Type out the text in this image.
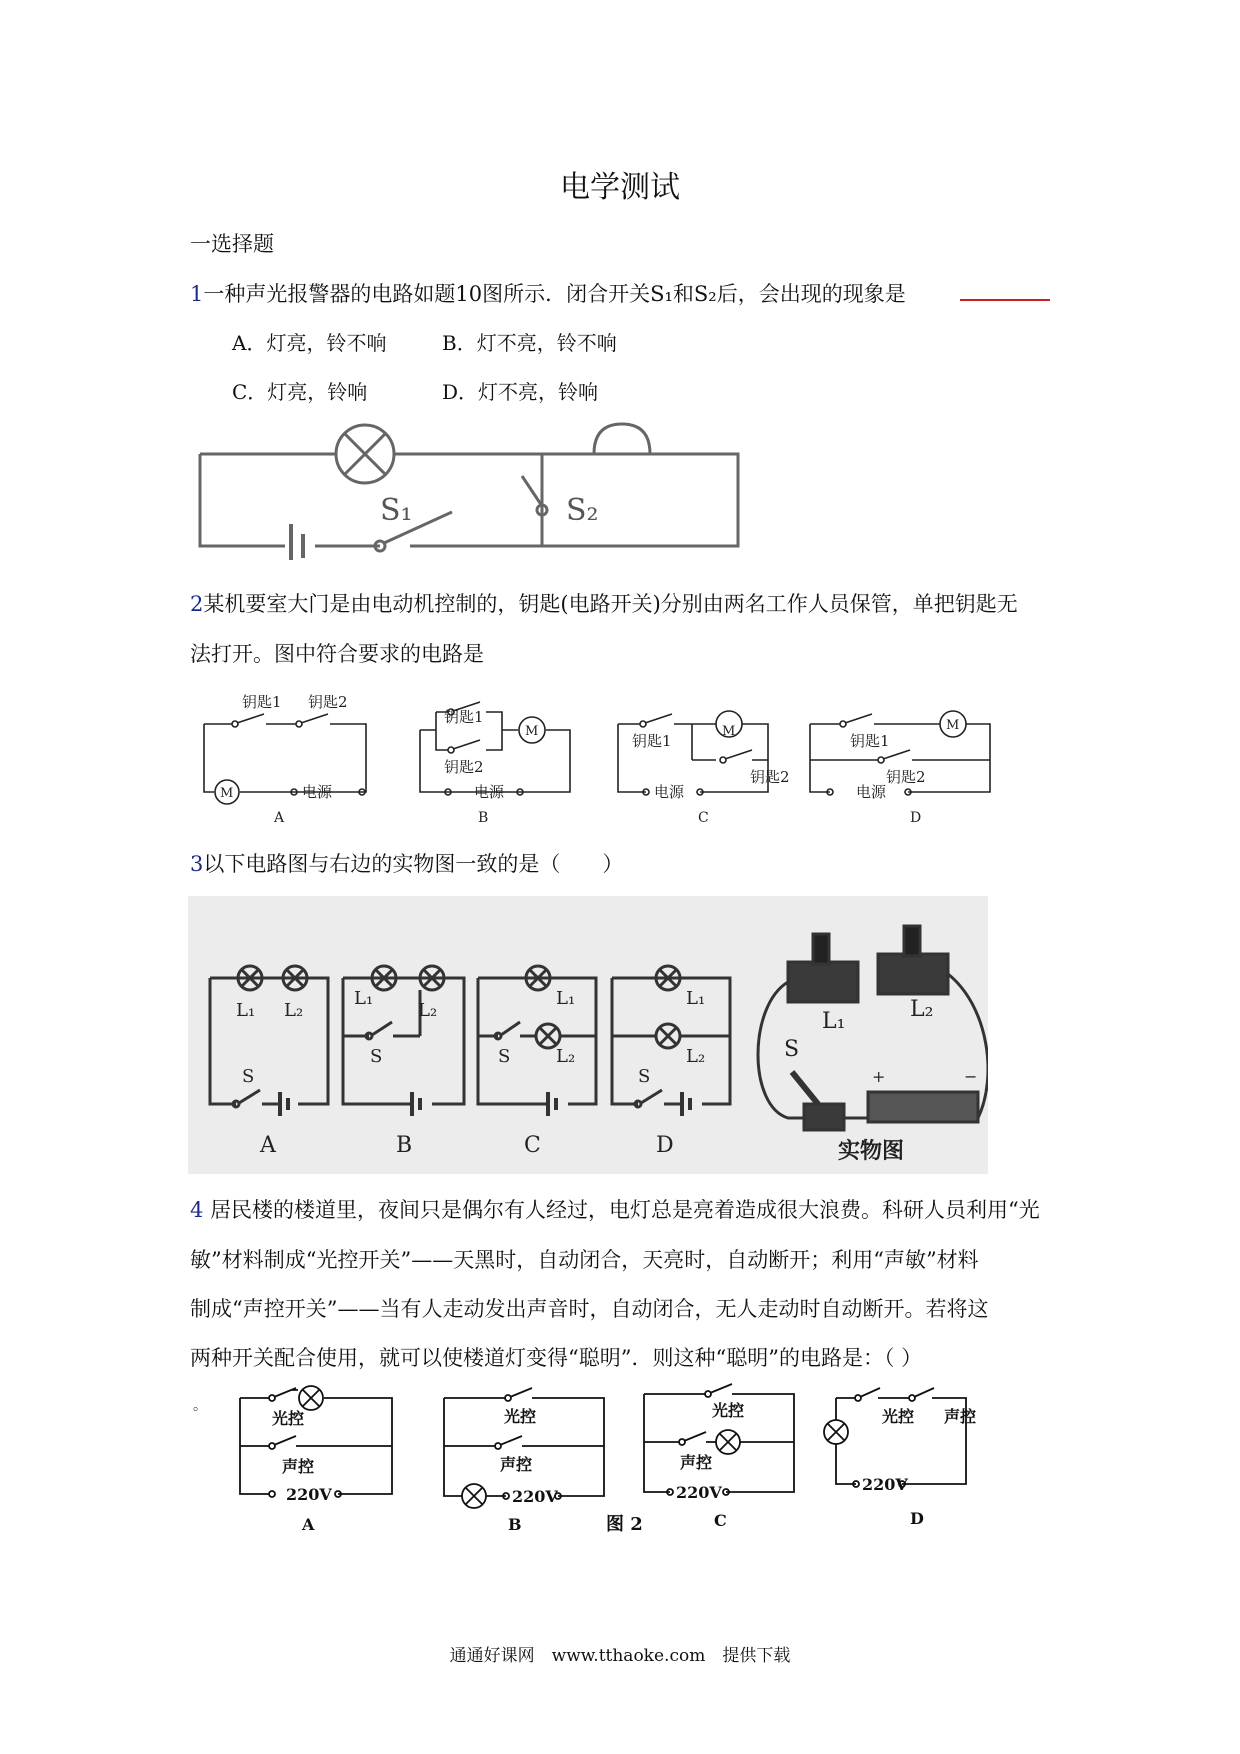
电学测试
一选择题
1一种声光报警器的电路如题10图所示．闭合开关S₁和S₂后，会出现的现象是
A．灯亮，铃不响	B．灯不亮，铃不响
C．灯亮，铃响	D．灯不亮，铃响
S₁	S₂
2某机要室大门是由电动机控制的，钥匙(电路开关)分别由两名工作人员保管，单把钥匙无
法打开。图中符合要求的电路是
钥匙1 钥匙2
M	电源
A
钥匙1
钥匙2
M
电源
B
钥匙1
钥匙2
M
电源
C
钥匙1
钥匙2
M
电源
D
3以下电路图与右边的实物图一致的是（　　）
L₁ L₂
S
A
L₁
L₂
S
B
L₁
L₂
S
C
L₁
L₂
S
D
L₁	L₂
S
+	−
实物图
4 居民楼的楼道里，夜间只是偶尔有人经过，电灯总是亮着造成很大浪费。科研人员利用“光
敏”材料制成“光控开关”——天黑时，自动闭合，天亮时，自动断开；利用“声敏”材料
制成“声控开关”——当有人走动发出声音时，自动闭合，无人走动时自动断开。若将这
两种开关配合使用，就可以使楼道灯变得“聪明”．则这种“聪明”的电路是：（ ）
。
光控
声控
220V
A
光控
声控
220V
B
光控
声控
220V
C
光控 声控
220V
D
图 2
通通好课网　www.tthaoke.com　提供下载
